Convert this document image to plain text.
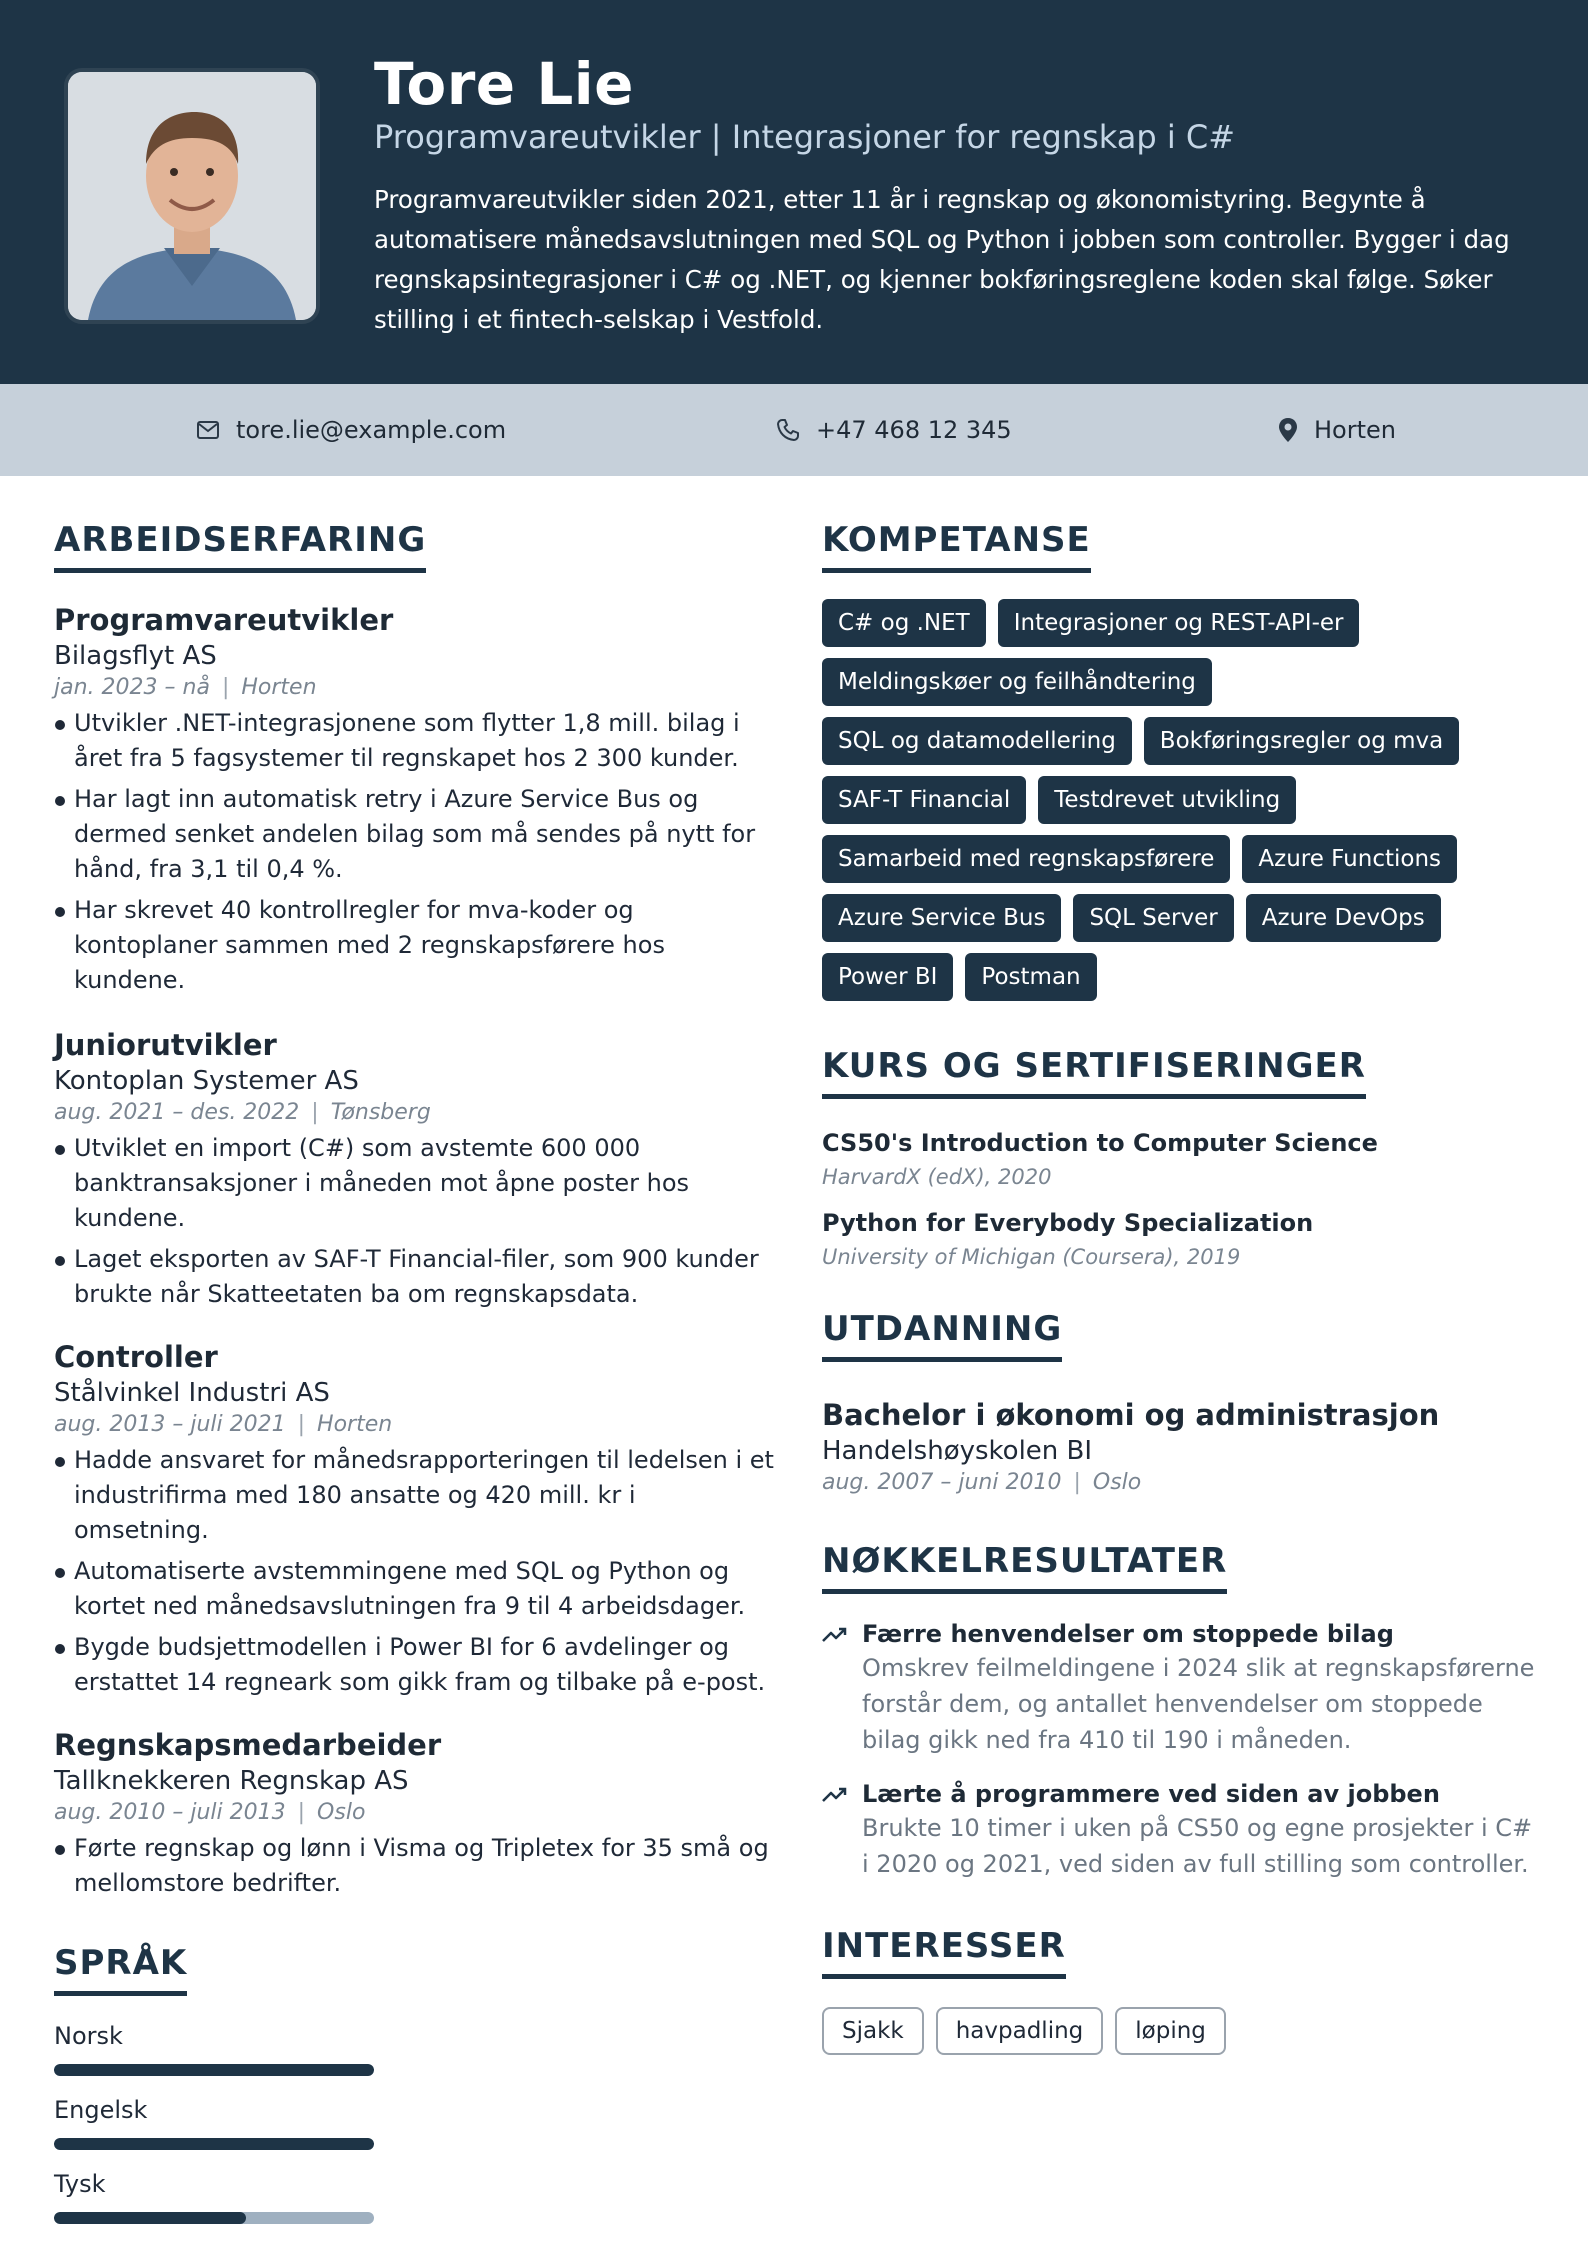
Tore Lie
Programvareutvikler | Integrasjoner for regnskap i C#
Programvareutvikler siden 2021, etter 11 år i regnskap og økonomistyring. Begynte å automatisere månedsavslutningen med SQL og Python i jobben som controller. Bygger i dag regnskapsintegrasjoner i C# og .NET, og kjenner bokføringsreglene koden skal følge. Søker stilling i et fintech-selskap i Vestfold.
tore.lie@example.com	+47 468 12 345	Horten
ARBEIDSERFARING
Programvareutvikler
Bilagsflyt AS
jan. 2023 – nå | Horten
Utvikler .NET-integrasjonene som flytter 1,8 mill. bilag i året fra 5 fagsystemer til regnskapet hos 2 300 kunder.
Har lagt inn automatisk retry i Azure Service Bus og dermed senket andelen bilag som må sendes på nytt for hånd, fra 3,1 til 0,4 %.
Har skrevet 40 kontrollregler for mva-koder og kontoplaner sammen med 2 regnskapsførere hos kundene.
Juniorutvikler
Kontoplan Systemer AS
aug. 2021 – des. 2022 | Tønsberg
Utviklet en import (C#) som avstemte 600 000 banktransaksjoner i måneden mot åpne poster hos kundene.
Laget eksporten av SAF-T Financial-filer, som 900 kunder brukte når Skatteetaten ba om regnskapsdata.
Controller
Stålvinkel Industri AS
aug. 2013 – juli 2021 | Horten
Hadde ansvaret for månedsrapporteringen til ledelsen i et industrifirma med 180 ansatte og 420 mill. kr i omsetning.
Automatiserte avstemmingene med SQL og Python og kortet ned månedsavslutningen fra 9 til 4 arbeidsdager.
Bygde budsjettmodellen i Power BI for 6 avdelinger og erstattet 14 regneark som gikk fram og tilbake på e-post.
Regnskapsmedarbeider
Tallknekkeren Regnskap AS
aug. 2010 – juli 2013 | Oslo
Førte regnskap og lønn i Visma og Tripletex for 35 små og mellomstore bedrifter.
SPRÅK
Norsk
Engelsk
Tysk
KOMPETANSE
C# og .NET	Integrasjoner og REST-API-er
Meldingskøer og feilhåndtering
SQL og datamodellering	Bokføringsregler og mva
SAF-T Financial	Testdrevet utvikling
Samarbeid med regnskapsførere	Azure Functions
Azure Service Bus	SQL Server	Azure DevOps
Power BI	Postman
KURS OG SERTIFISERINGER
CS50's Introduction to Computer Science
HarvardX (edX), 2020
Python for Everybody Specialization
University of Michigan (Coursera), 2019
UTDANNING
Bachelor i økonomi og administrasjon
Handelshøyskolen BI
aug. 2007 – juni 2010 | Oslo
NØKKELRESULTATER
Færre henvendelser om stoppede bilag
Omskrev feilmeldingene i 2024 slik at regnskapsførerne forstår dem, og antallet henvendelser om stoppede bilag gikk ned fra 410 til 190 i måneden.
Lærte å programmere ved siden av jobben
Brukte 10 timer i uken på CS50 og egne prosjekter i C# i 2020 og 2021, ved siden av full stilling som controller.
INTERESSER
Sjakk	havpadling	løping
